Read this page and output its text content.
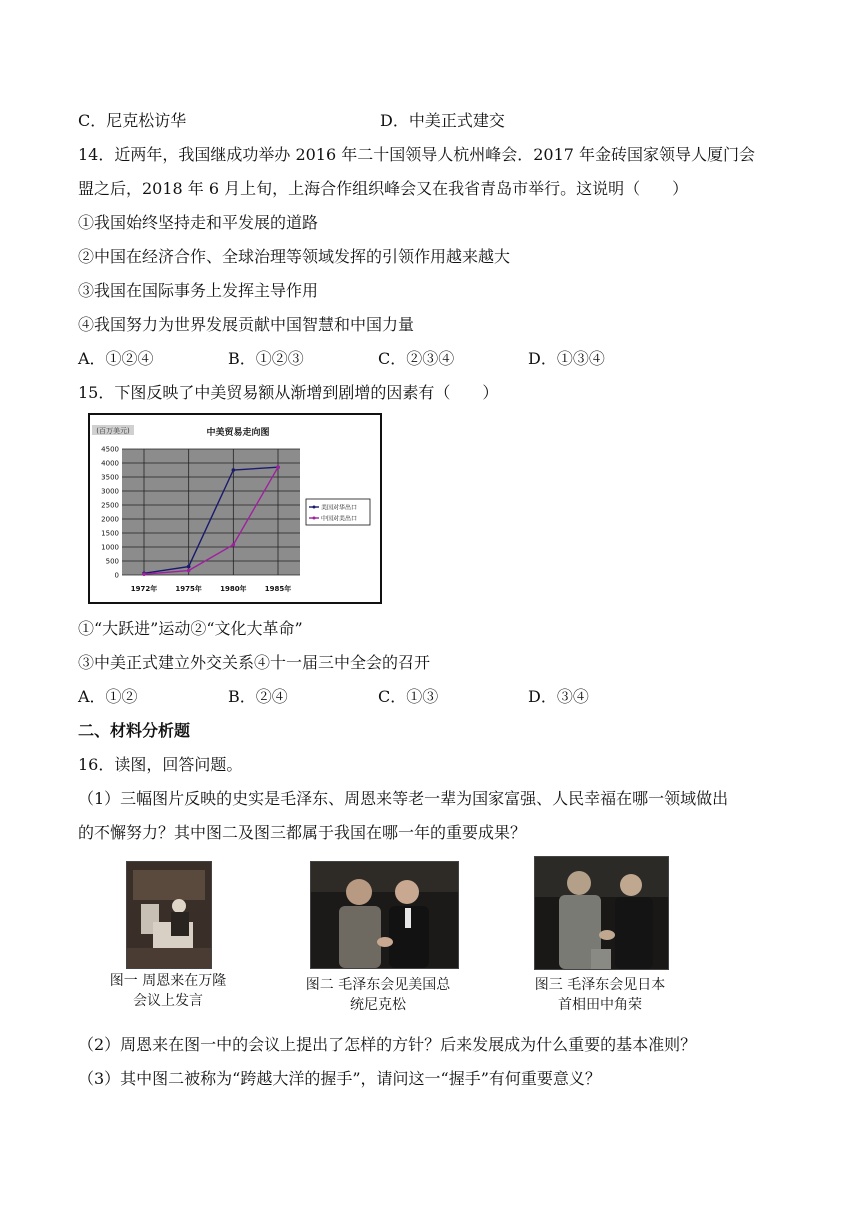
C．尼克松访华	D．中美正式建交
14．近两年，我国继成功举办 2016 年二十国领导人杭州峰会．2017 年金砖国家领导人厦门会
盟之后，2018 年 6 月上旬，上海合作组织峰会又在我省青岛市举行。这说明（　　）
①我国始终坚持走和平发展的道路
②中国在经济合作、全球治理等领域发挥的引领作用越来越大
③我国在国际事务上发挥主导作用
④我国努力为世界发展贡献中国智慧和中国力量
A．①②④	B．①②③	C．②③④	D．①③④
15．下图反映了中美贸易额从渐增到剧增的因素有（　　）
(百万美元)	中美贸易走向图
0
500
1000
1500
2000
2500
3000
3500
4000
4500
1972年	1975年	1980年	1985年
美国对华出口
中国对美出口
①“大跃进”运动②“文化大革命”
③中美正式建立外交关系④十一届三中全会的召开
A．①②	B．②④	C．①③	D．③④
二、材料分析题
16．读图，回答问题。
（1）三幅图片反映的史实是毛泽东、周恩来等老一辈为国家富强、人民幸福在哪一领域做出
的不懈努力？其中图二及图三都属于我国在哪一年的重要成果？
图一 周恩来在万隆
会议上发言
图二 毛泽东会见美国总
统尼克松
图三 毛泽东会见日本
首相田中角荣
（2）周恩来在图一中的会议上提出了怎样的方针？后来发展成为什么重要的基本准则？
（3）其中图二被称为“跨越大洋的握手”，请问这一“握手”有何重要意义？
